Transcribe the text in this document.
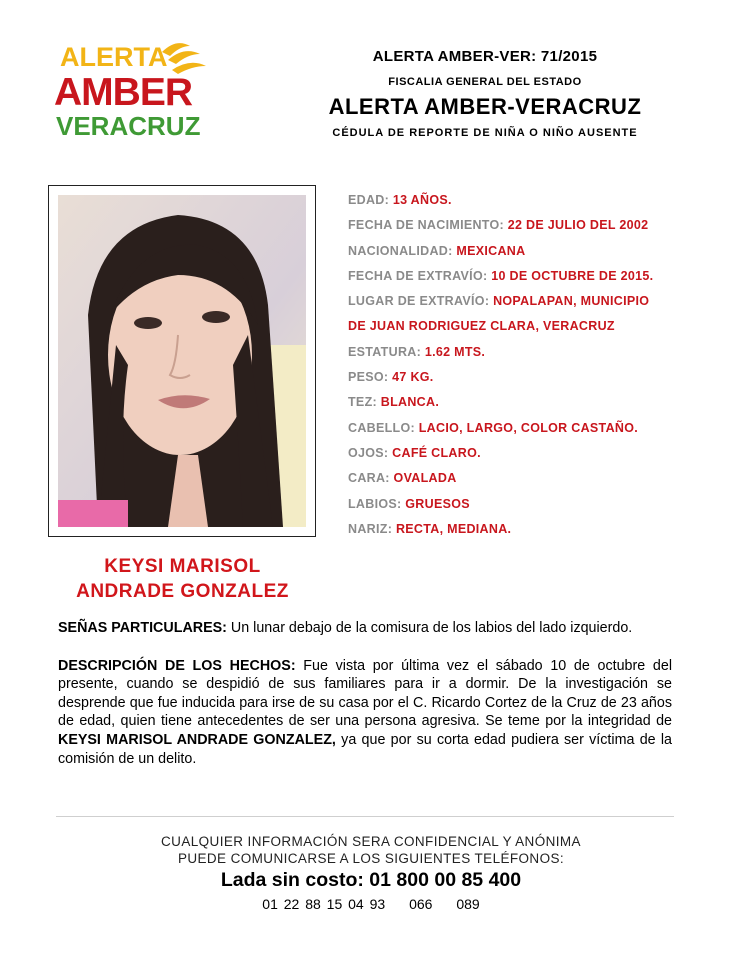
ALERTA
AMBER
VERACRUZ
ALERTA AMBER-VER: 71/2015
FISCALIA GENERAL DEL ESTADO
ALERTA AMBER-VERACRUZ
CÉDULA DE REPORTE DE NIÑA O NIÑO AUSENTE
KEYSI MARISOL
ANDRADE GONZALEZ
EDAD: 13 AÑOS.
FECHA DE NACIMIENTO: 22 DE JULIO DEL 2002
NACIONALIDAD: MEXICANA
FECHA DE EXTRAVÍO: 10 DE OCTUBRE DE 2015.
LUGAR DE EXTRAVÍO: NOPALAPAN, MUNICIPIO
DE JUAN RODRIGUEZ CLARA, VERACRUZ
ESTATURA: 1.62 MTS.
PESO: 47 KG.
TEZ: BLANCA.
CABELLO: LACIO, LARGO, COLOR CASTAÑO.
OJOS: CAFÉ CLARO.
CARA: OVALADA
LABIOS: GRUESOS
NARIZ: RECTA, MEDIANA.

SEÑAS PARTICULARES: Un lunar debajo de la comisura de los labios del lado izquierdo.

DESCRIPCIÓN DE LOS HECHOS: Fue vista por última vez el sábado 10 de octubre del presente, cuando se despidió de sus familiares para ir a dormir. De la investigación se desprende que fue inducida para irse de su casa por el C. Ricardo Cortez de la Cruz de 23 años de edad, quien tiene antecedentes de ser una persona agresiva. Se teme por la integridad de KEYSI MARISOL ANDRADE GONZALEZ, ya que por su corta edad pudiera ser víctima de la comisión de un delito.

CUALQUIER INFORMACIÓN SERA CONFIDENCIAL Y ANÓNIMA
PUEDE COMUNICARSE A LOS SIGUIENTES TELÉFONOS:
Lada sin costo: 01 800 00 85 400
01 22 88 15 04 93 066 089
